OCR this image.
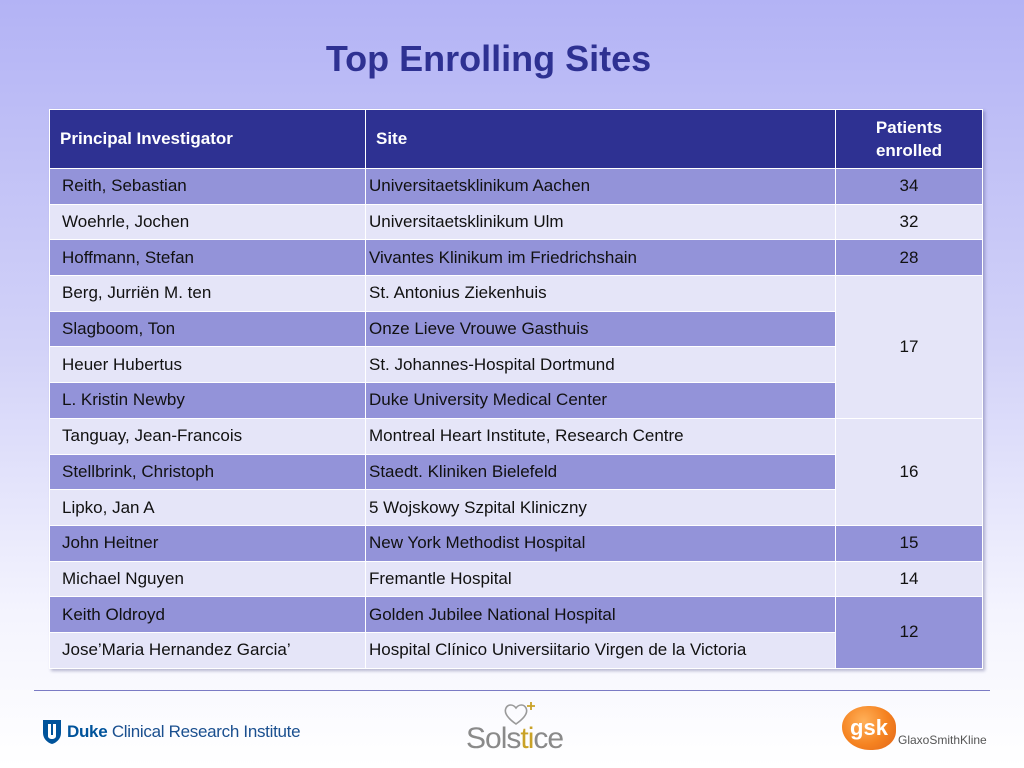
Top Enrolling Sites
Principal Investigator	Site	Patients
enrolled
Reith, Sebastian	Universitaetsklinikum Aachen	34
Woehrle, Jochen	Universitaetsklinikum Ulm	32
Hoffmann, Stefan	Vivantes Klinikum im Friedrichshain	28
Berg, Jurriën M. ten	St. Antonius Ziekenhuis	17
Slagboom, Ton	Onze Lieve Vrouwe Gasthuis	
Heuer Hubertus	St. Johannes-Hospital Dortmund	
L. Kristin Newby	Duke University Medical Center	
Tanguay, Jean-Francois	Montreal Heart Institute, Research Centre	16
Stellbrink, Christoph	Staedt. Kliniken Bielefeld	
Lipko, Jan A	5 Wojskowy Szpital Kliniczny	
John Heitner	New York Methodist Hospital	15
Michael Nguyen	Fremantle Hospital	14
Keith Oldroyd	Golden Jubilee National Hospital	12
Jose’Maria Hernandez Garcia’	Hospital Clínico Universiitario Virgen de la Victoria	
Duke Clinical Research Institute	Solstice	gsk GlaxoSmithKline
